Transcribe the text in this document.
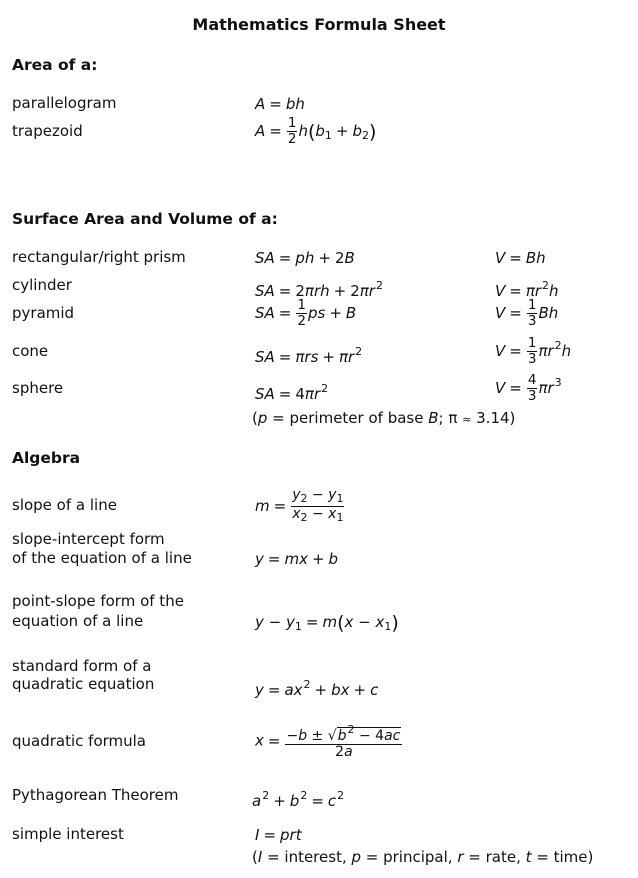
Mathematics Formula Sheet
Area of a:
parallelogram	A = bh
trapezoid	$A = \frac{1}{2} h(b_1 + b_2)$
Surface Area and Volume of a:
rectangular/right prism	SA = ph + 2B	V = Bh
cylinder	SA = $2\pi rh + 2\pi r^2$	$V = \pi r^2h$
pyramid	SA = $\frac{1}{2}$ ps + B	$V = \frac{1}{3}$ Bh
cone	SA = $\pi rs + \pi r^2$	$V = \frac{1}{3} \pi r^2h$
sphere	SA = $4\pi r^2$	$V = \frac{4}{3} \pi r^3$
(p = perimeter of base B; π ≈ 3.14)
Algebra
slope of a line	$m = \frac{y_2 - y_1}{x_2 - x_1}$
slope-intercept form
of the equation of a line	y = mx + b
point-slope form of the
equation of a line	$y - y_1 = m(x - x_1)$
standard form of a
quadratic equation	$y = ax^2$ + bx + c
quadratic formula	$x = \frac{-b \pm √b^2 - 4ac}{2a}$
Pythagorean Theorem	$a^2 + b^2 = c^2$
simple interest	I = prt
(I = interest, p = principal, r = rate, t = time)
